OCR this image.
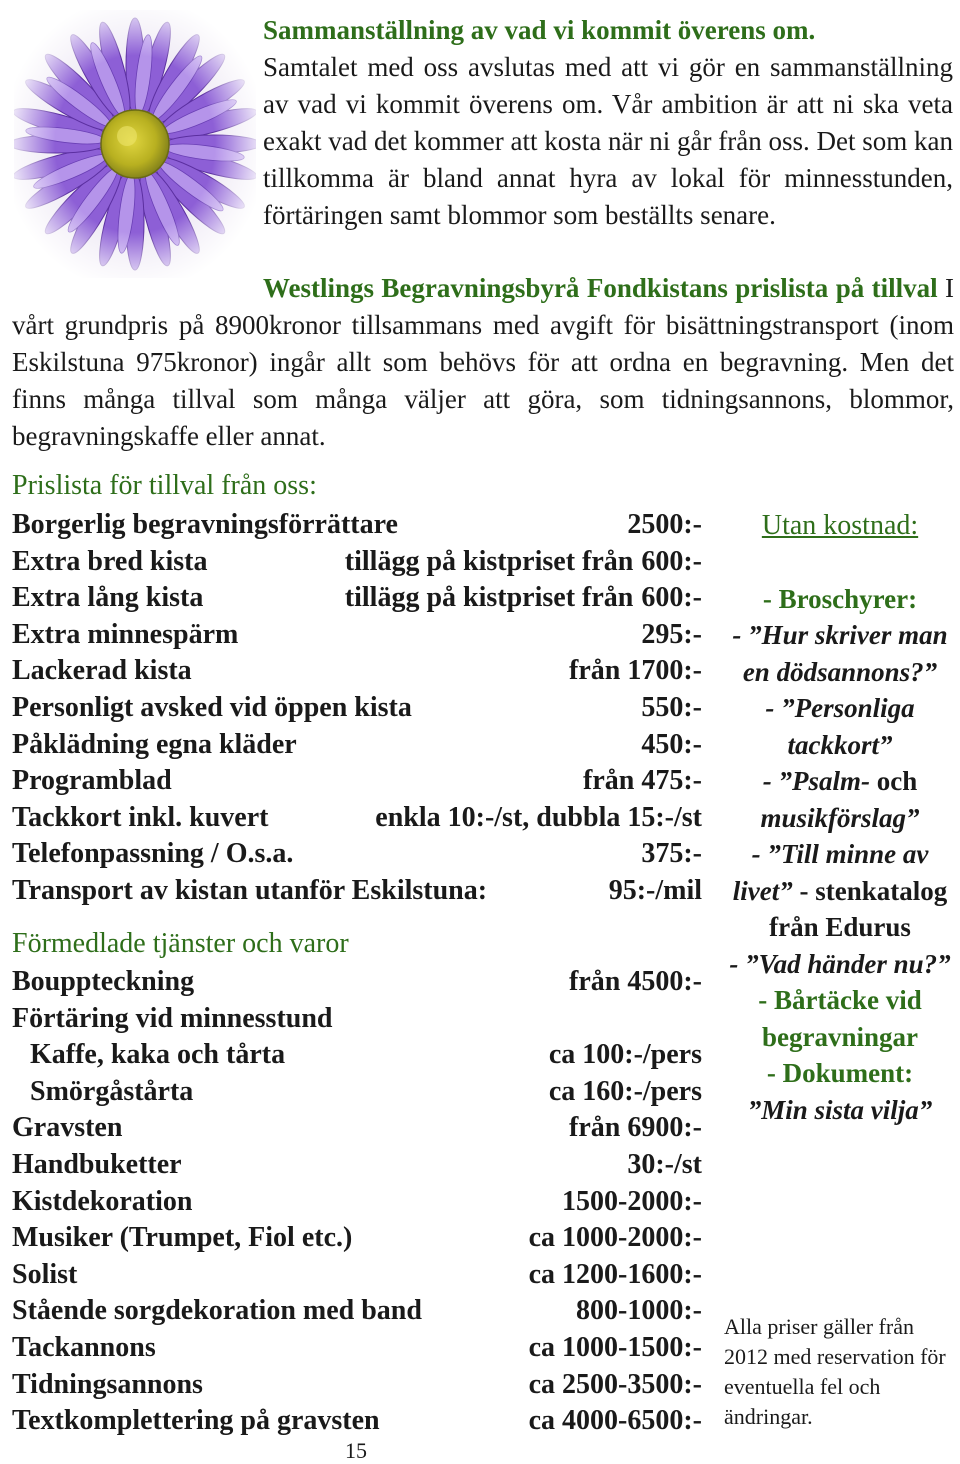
Sammanställning av vad vi kommit överens om.
Samtalet med oss avslutas med att vi gör en sammanställning av vad vi kommit överens om. Vår ambition är att ni ska veta exakt vad det kommer att kosta när ni går från oss. Det som kan tillkomma är bland annat hyra av lokal för minnesstunden, förtäringen samt blommor som beställts senare.
Westlings Begravningsbyrå Fondkistans prislista på tillval I vårt grundpris på 8900kronor tillsammans med avgift för bisättningstransport (inom Eskilstuna 975kronor) ingår allt som behövs för att ordna en begravning. Men det finns många tillval som många väljer att göra, som tidningsannons, blommor, begravningskaffe eller annat.
Prislista för tillval från oss:
Borgerlig begravningsförrättare	2500:-
Extra bred kista	tillägg på kistpriset från 600:-
Extra lång kista	tillägg på kistpriset från 600:-
Extra minnespärm	295:-
Lackerad kista	från 1700:-
Personligt avsked vid öppen kista	550:-
Påklädning egna kläder	450:-
Programblad	från 475:-
Tackkort inkl. kuvert	enkla 10:-/st, dubbla 15:-/st
Telefonpassning / O.s.a.	375:-
Transport av kistan utanför Eskilstuna:	95:-/mil
Förmedlade tjänster och varor
Bouppteckning	från 4500:-
Förtäring vid minnesstund
Kaffe, kaka och tårta	ca 100:-/pers
Smörgåstårta	ca 160:-/pers
Gravsten	från 6900:-
Handbuketter	30:-/st
Kistdekoration	1500-2000:-
Musiker (Trumpet, Fiol etc.)	ca 1000-2000:-
Solist	ca 1200-1600:-
Stående sorgdekoration med band	800-1000:-
Tackannons	ca 1000-1500:-
Tidningsannons	ca 2500-3500:-
Textkomplettering på gravsten	ca 4000-6500:-
Utan kostnad:
- Broschyrer:
- ”Hur skriver man en dödsannons?”
- ”Personliga tackkort”
- ”Psalm- och musikförslag”
- ”Till minne av livet” - stenkatalog från Edurus
- ”Vad händer nu?”
- Bårtäcke vid begravningar
- Dokument:
”Min sista vilja”
Alla priser gäller från 2012 med reservation för eventuella fel och ändringar.
15
